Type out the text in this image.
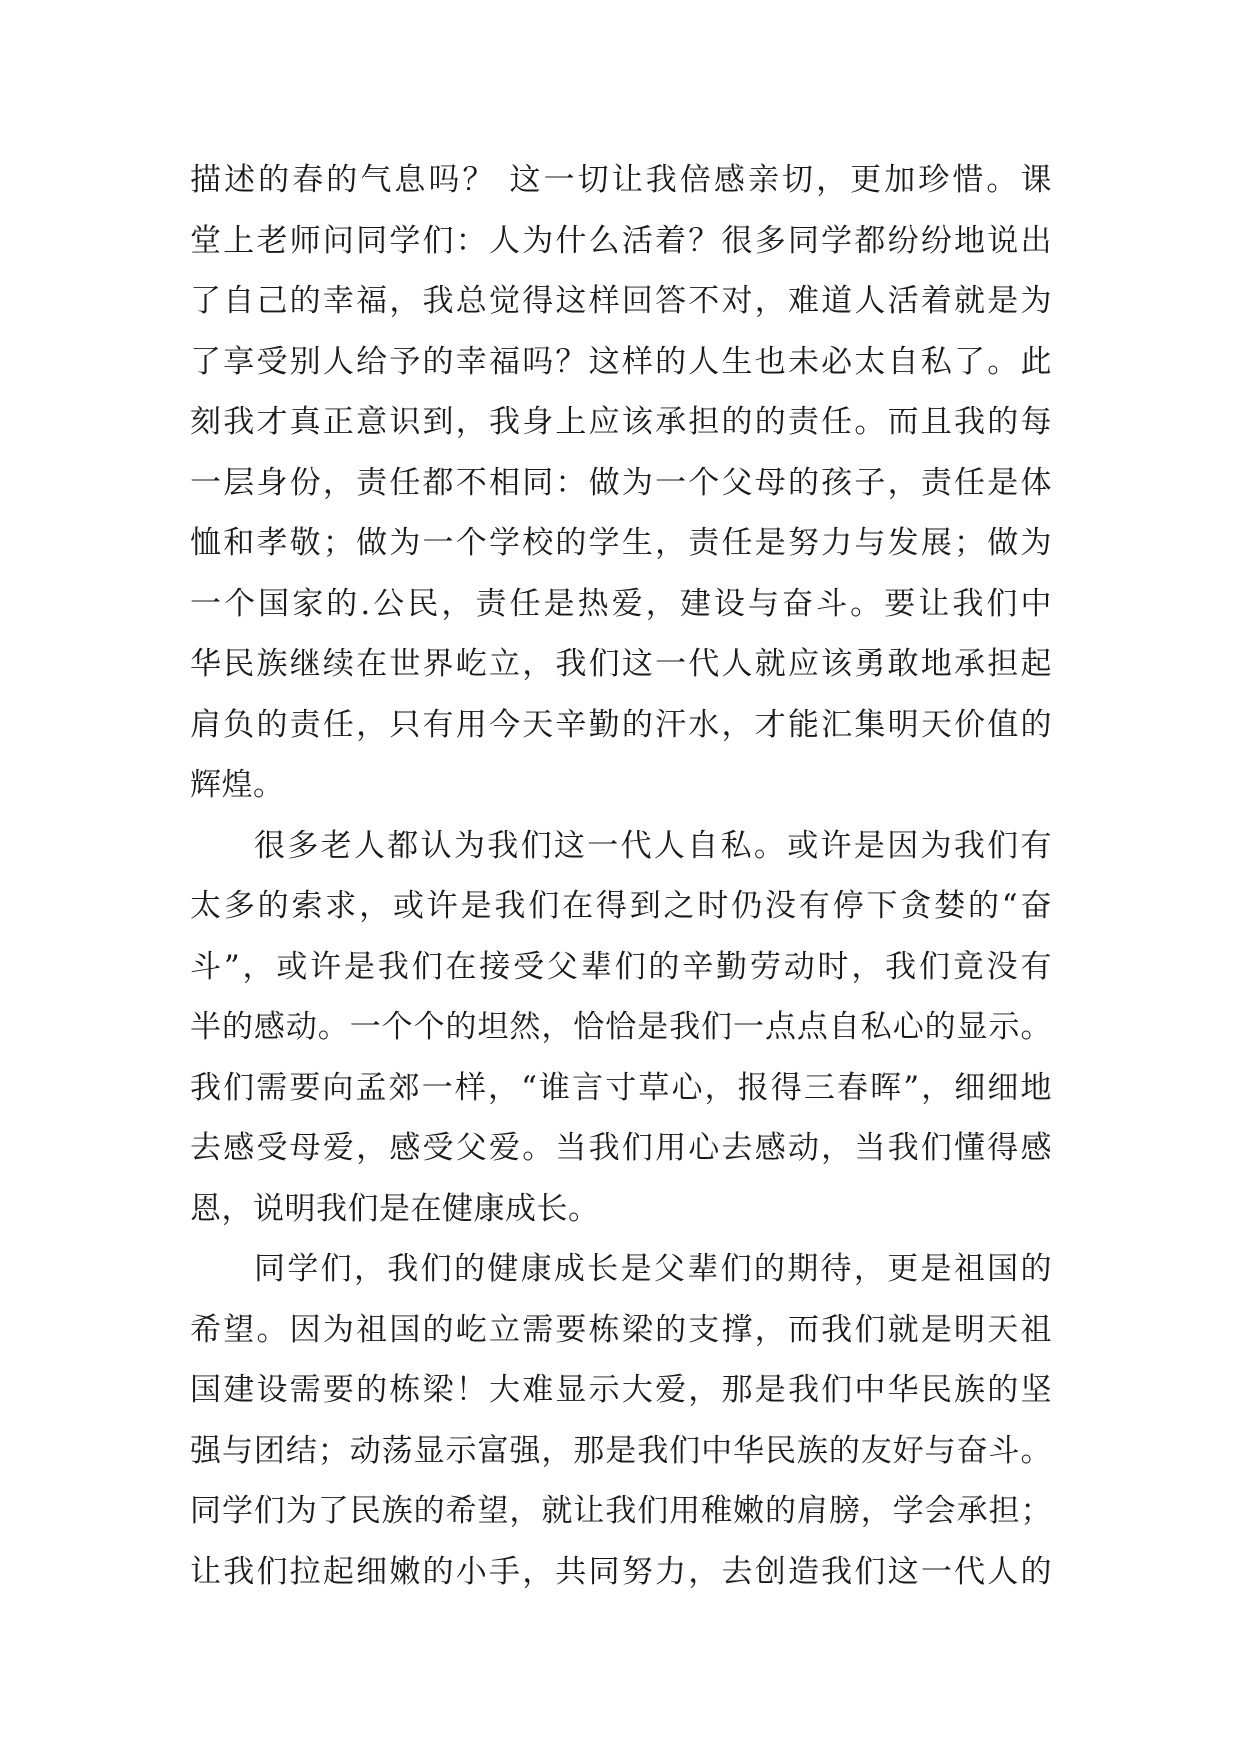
描述的春的气息吗？ 这一切让我倍感亲切，更加珍惜。课
堂上老师问同学们：人为什么活着？很多同学都纷纷地说出
了自己的幸福，我总觉得这样回答不对，难道人活着就是为
了享受别人给予的幸福吗？这样的人生也未必太自私了。此
刻我才真正意识到，我身上应该承担的的责任。而且我的每
一层身份，责任都不相同：做为一个父母的孩子，责任是体
恤和孝敬；做为一个学校的学生，责任是努力与发展；做为
一个国家的.公民，责任是热爱，建设与奋斗。要让我们中
华民族继续在世界屹立，我们这一代人就应该勇敢地承担起
肩负的责任，只有用今天辛勤的汗水，才能汇集明天价值的
辉煌。
很多老人都认为我们这一代人自私。或许是因为我们有
太多的索求，或许是我们在得到之时仍没有停下贪婪的“奋
斗”，或许是我们在接受父辈们的辛勤劳动时，我们竟没有
半的感动。一个个的坦然，恰恰是我们一点点自私心的显示。
我们需要向孟郊一样，“谁言寸草心，报得三春晖”，细细地
去感受母爱，感受父爱。当我们用心去感动，当我们懂得感
恩，说明我们是在健康成长。
同学们，我们的健康成长是父辈们的期待，更是祖国的
希望。因为祖国的屹立需要栋梁的支撑，而我们就是明天祖
国建设需要的栋梁！大难显示大爱，那是我们中华民族的坚
强与团结；动荡显示富强，那是我们中华民族的友好与奋斗。
同学们为了民族的希望，就让我们用稚嫩的肩膀，学会承担；
让我们拉起细嫩的小手，共同努力，去创造我们这一代人的
